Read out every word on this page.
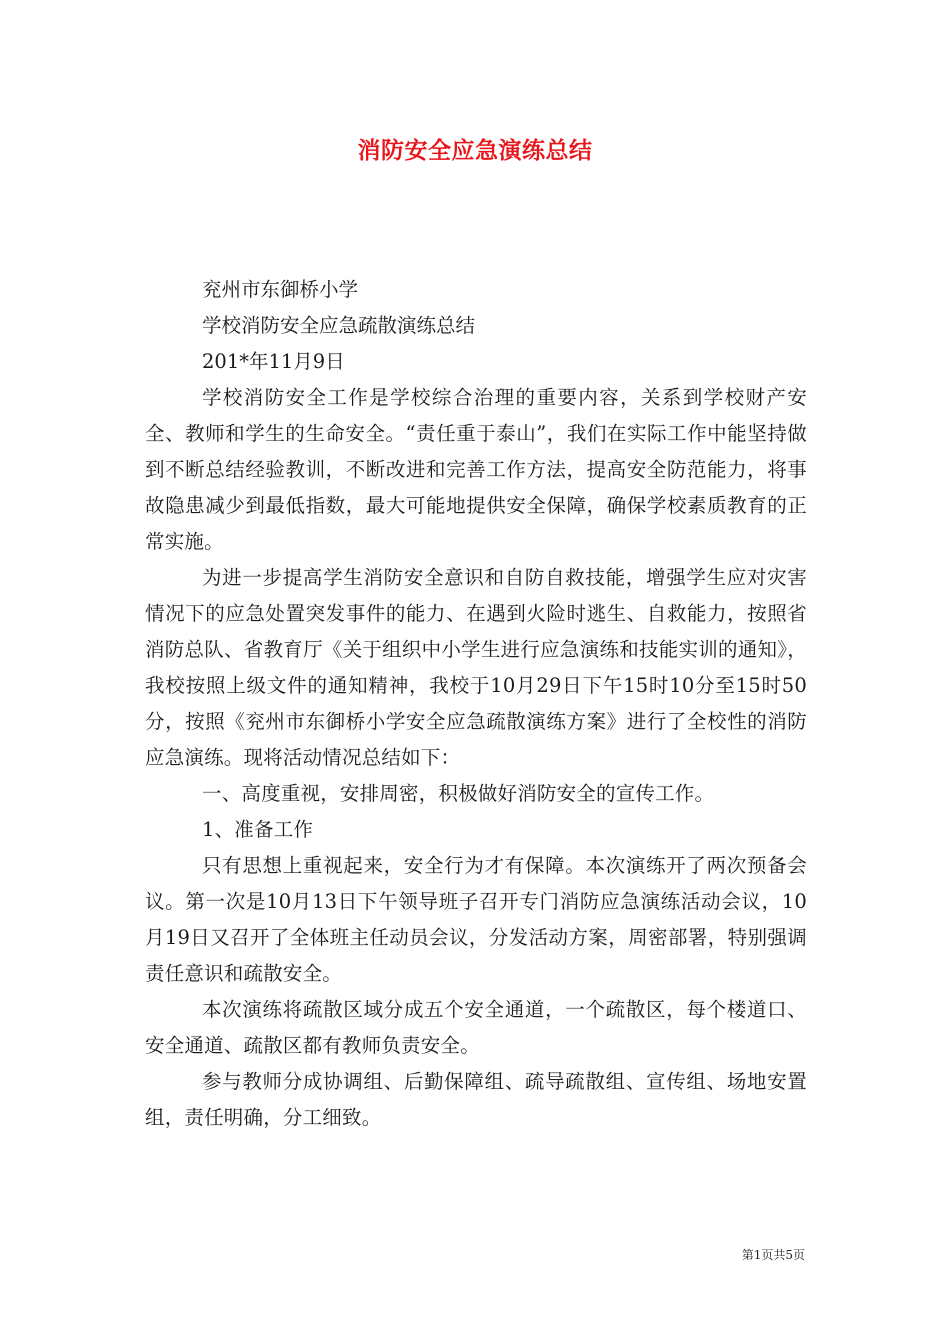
消防安全应急演练总结

兖州市东御桥小学

学校消防安全应急疏散演练总结

201*年11月9日

学校消防安全工作是学校综合治理的重要内容，关系到学校财产安全、教师和学生的生命安全。“责任重于泰山”，我们在实际工作中能坚持做到不断总结经验教训，不断改进和完善工作方法，提高安全防范能力，将事故隐患减少到最低指数，最大可能地提供安全保障，确保学校素质教育的正常实施。

为进一步提高学生消防安全意识和自防自救技能，增强学生应对灾害情况下的应急处置突发事件的能力、在遇到火险时逃生、自救能力，按照省消防总队、省教育厅《关于组织中小学生进行应急演练和技能实训的通知》，我校按照上级文件的通知精神，我校于10月29日下午15时10分至15时50分，按照《兖州市东御桥小学安全应急疏散演练方案》进行了全校性的消防应急演练。现将活动情况总结如下：

一、高度重视，安排周密，积极做好消防安全的宣传工作。

1、准备工作

只有思想上重视起来，安全行为才有保障。本次演练开了两次预备会议。第一次是10月13日下午领导班子召开专门消防应急演练活动会议，10月19日又召开了全体班主任动员会议，分发活动方案，周密部署，特别强调责任意识和疏散安全。

本次演练将疏散区域分成五个安全通道，一个疏散区，每个楼道口、安全通道、疏散区都有教师负责安全。

参与教师分成协调组、后勤保障组、疏导疏散组、宣传组、场地安置组，责任明确，分工细致。

第1页共5页
